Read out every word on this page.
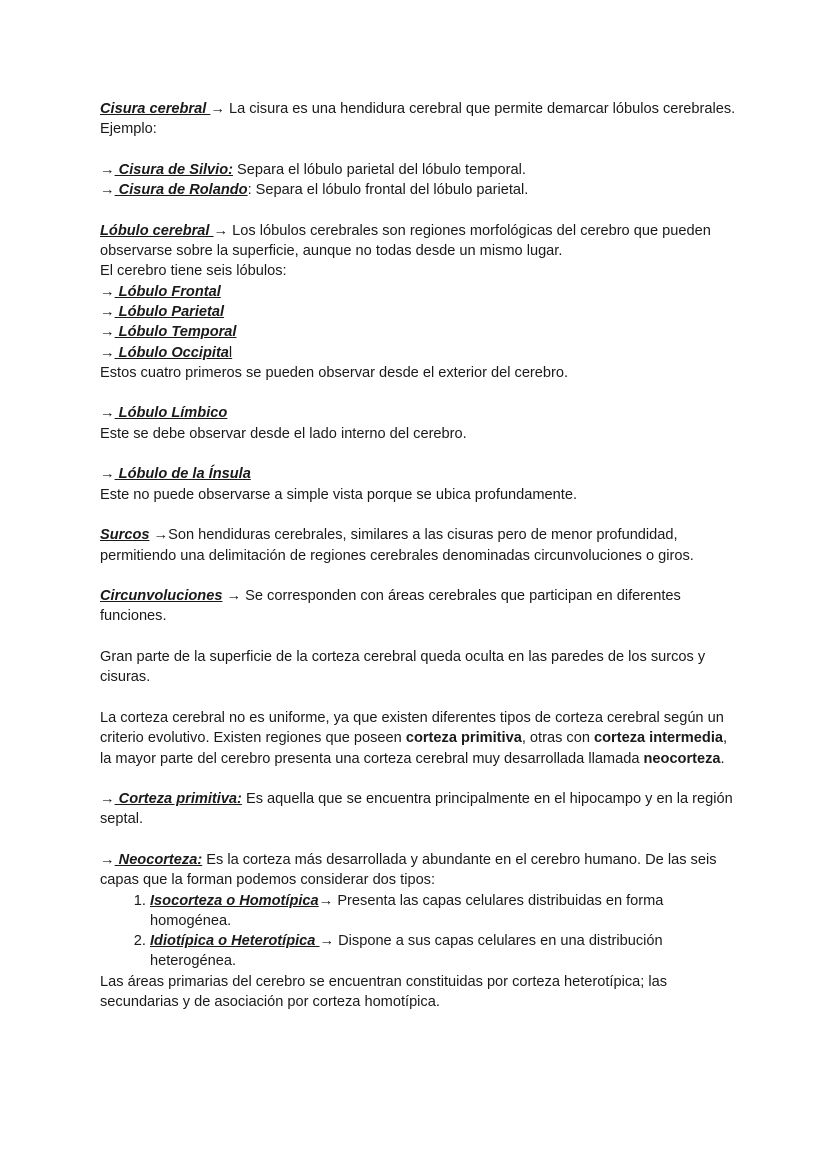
Cisura cerebral → La cisura es una hendidura cerebral que permite demarcar lóbulos cerebrales.

Ejemplo:

→ Cisura de Silvio: Separa el lóbulo parietal del lóbulo temporal.

→ Cisura de Rolando: Separa el lóbulo frontal del lóbulo parietal.

Lóbulo cerebral → Los lóbulos cerebrales son regiones morfológicas del cerebro que pueden observarse sobre la superficie, aunque no todas desde un mismo lugar.

El cerebro tiene seis lóbulos:

→ Lóbulo Frontal

→ Lóbulo Parietal

→ Lóbulo Temporal

→ Lóbulo Occipital

Estos cuatro primeros se pueden observar desde el exterior del cerebro.

→ Lóbulo Límbico

Este se debe observar desde el lado interno del cerebro.

→ Lóbulo de la Ínsula

Este no puede observarse a simple vista porque se ubica profundamente.

Surcos →Son hendiduras cerebrales, similares a las cisuras pero de menor profundidad, permitiendo una delimitación de regiones cerebrales denominadas circunvoluciones o giros.

Circunvoluciones → Se corresponden con áreas cerebrales que participan en diferentes funciones.

Gran parte de la superficie de la corteza cerebral queda oculta en las paredes de los surcos y cisuras.

La corteza cerebral no es uniforme, ya que existen diferentes tipos de corteza cerebral según un criterio evolutivo. Existen regiones que poseen corteza primitiva, otras con corteza intermedia, la mayor parte del cerebro presenta una corteza cerebral muy desarrollada llamada neocorteza.

→ Corteza primitiva: Es aquella que se encuentra principalmente en el hipocampo y en la región septal.

→ Neocorteza: Es la corteza más desarrollada y abundante en el cerebro humano. De las seis capas que la forman podemos considerar dos tipos:

1. Isocorteza o Homotípica→ Presenta las capas celulares distribuidas en forma homogénea.
2. Idiotípica o Heterotípica → Dispone a sus capas celulares en una distribución heterogénea.

Las áreas primarias del cerebro se encuentran constituidas por corteza heterotípica; las secundarias y de asociación por corteza homotípica.
